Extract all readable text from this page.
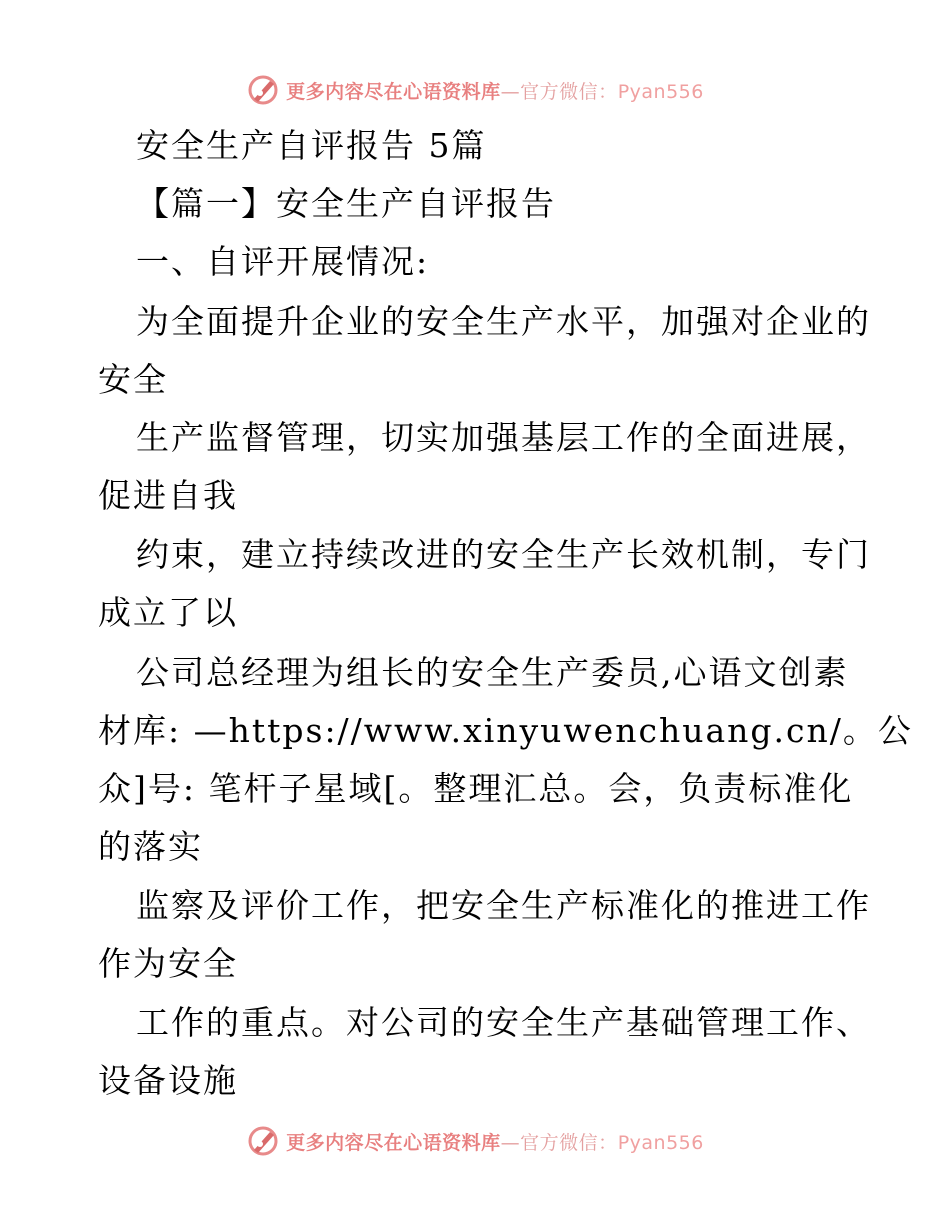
更多内容尽在心语资料库—官方微信：Pyan556
安全生产自评报告 5篇
【篇一】安全生产自评报告
一、自评开展情况:
为全面提升企业的安全生产水平，加强对企业的
安全
生产监督管理，切实加强基层工作的全面进展，
促进自我
约束，建立持续改进的安全生产长效机制，专门
成立了以
公司总经理为组长的安全生产委员,心语文创素
材库: —https://www.xinyuwenchuang.cn/。公
众]号: 笔杆子星域[。整理汇总。会，负责标准化
的落实
监察及评价工作，把安全生产标准化的推进工作
作为安全
工作的重点。对公司的安全生产基础管理工作、
设备设施
更多内容尽在心语资料库—官方微信：Pyan556
